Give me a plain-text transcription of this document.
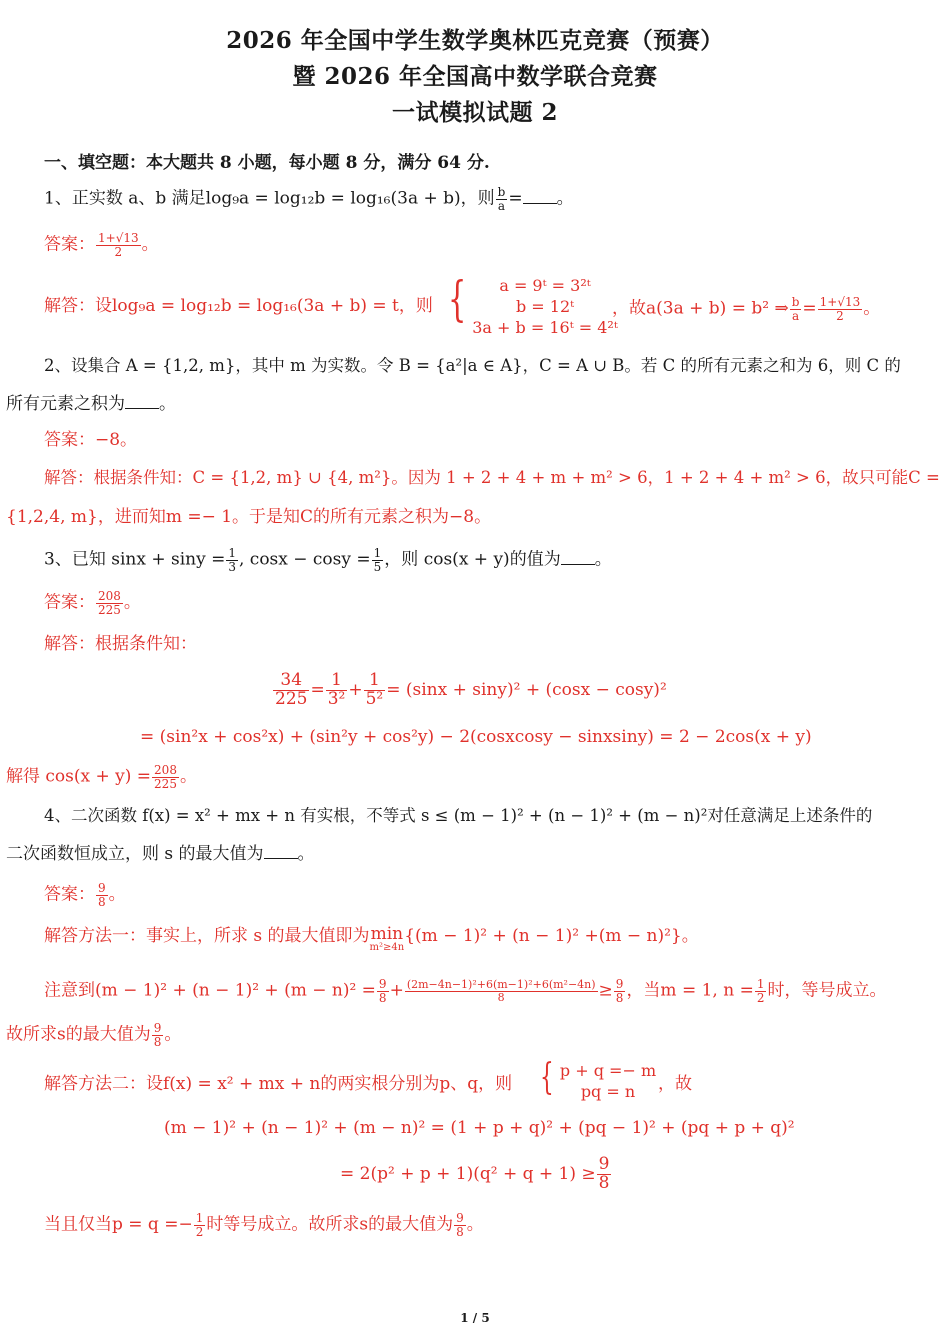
2026 年全国中学生数学奥林匹克竞赛（预赛）
暨 2026 年全国高中数学联合竞赛
一试模拟试题 2
一、填空题：本大题共 8 小题，每小题 8 分，满分 64 分.
1、正实数 a、b 满足log₉a = log₁₂b = log₁₆(3a + b)，则 $\frac{b}{a}$ = 。
答案： $\frac{1+√13}{2}$ 。
解答：设log₉a = log₁₂b = log₁₆(3a + b) = t，则 {	a = 9ᵗ = 3²ᵗ
b = 12ᵗ
3a + b = 16ᵗ = 4²ᵗ
，故a(3a + b) = b² ⇒ $\frac{b}{a} = \frac{1+√13}{2}$ 。
2、设集合 A = {1,2, m}，其中 m 为实数。令 B = {a²|a ∈ A}，C = A ∪ B。若 C 的所有元素之和为 6，则 C 的
所有元素之积为 。
答案：−8。
解答：根据条件知：C = {1,2, m} ∪ {4, m²}。因为 1 + 2 + 4 + m + m² > 6，1 + 2 + 4 + m² > 6，故只可能C =
{1,2,4, m}，进而知m =− 1。于是知C的所有元素之积为−8。
3、已知 $\sin x + \sin y = \frac{1}{3}$ , $\cos x - \cos y = \frac{1}{5}$ ，则 cos(x + y)的值为 。
答案： $\frac{208}{225}$ 。
解答：根据条件知：
$\frac{34}{225} = \frac{1}{\text{3²}} + \frac{1}{\text{5²}} = (\sin x + \sin y)^2 + (\cos x - \cos y)^2$
= (sin²x + cos²x) + (sin²y + cos²y) − 2(cosxcosy − sinxsiny) = 2 − 2cos(x + y)
解得 $\cos(x + y) = \frac{208}{225}$ 。
4、二次函数 f(x) = x² + mx + n 有实根，不等式 s ≤ (m − 1)² + (n − 1)² + (m − n)²对任意满足上述条件的
二次函数恒成立，则 s 的最大值为 。
答案： $\frac{9}{8}$ 。
解答方法一：事实上，所求 s 的最大值即为 min
m²≥4n
{(m − 1)² + (n − 1)² +(m − n)²}。
注意到$(m - 1)^2 + (n - 1)^2 + (m - n)^2 = \frac{9}{8} + \frac{\text{(2m−4n−1)²+6(m−1)²+6(m²−4n)}}{8} \ge \frac{9}{8}$ ，当m = 1, $n = \frac{1}{2}$ 时，等号成立。
故所求s的最大值为 $\frac{9}{8}$ 。
解答方法二：设f(x) = x² + mx + n的两实根分别为p、q，则 { p + q =− m
pq = n	，故
(m − 1)² + (n − 1)² + (m − n)² = (1 + p + q)² + (pq − 1)² + (pq + p + q)²
= $2(p^2 + p + 1)(q^2 + q + 1) \ge \frac{9}{8}$
当且仅当$p = q =- \frac{1}{2}$ 时等号成立。故所求s的最大值为 $\frac{9}{8}$ 。
1 / 5
